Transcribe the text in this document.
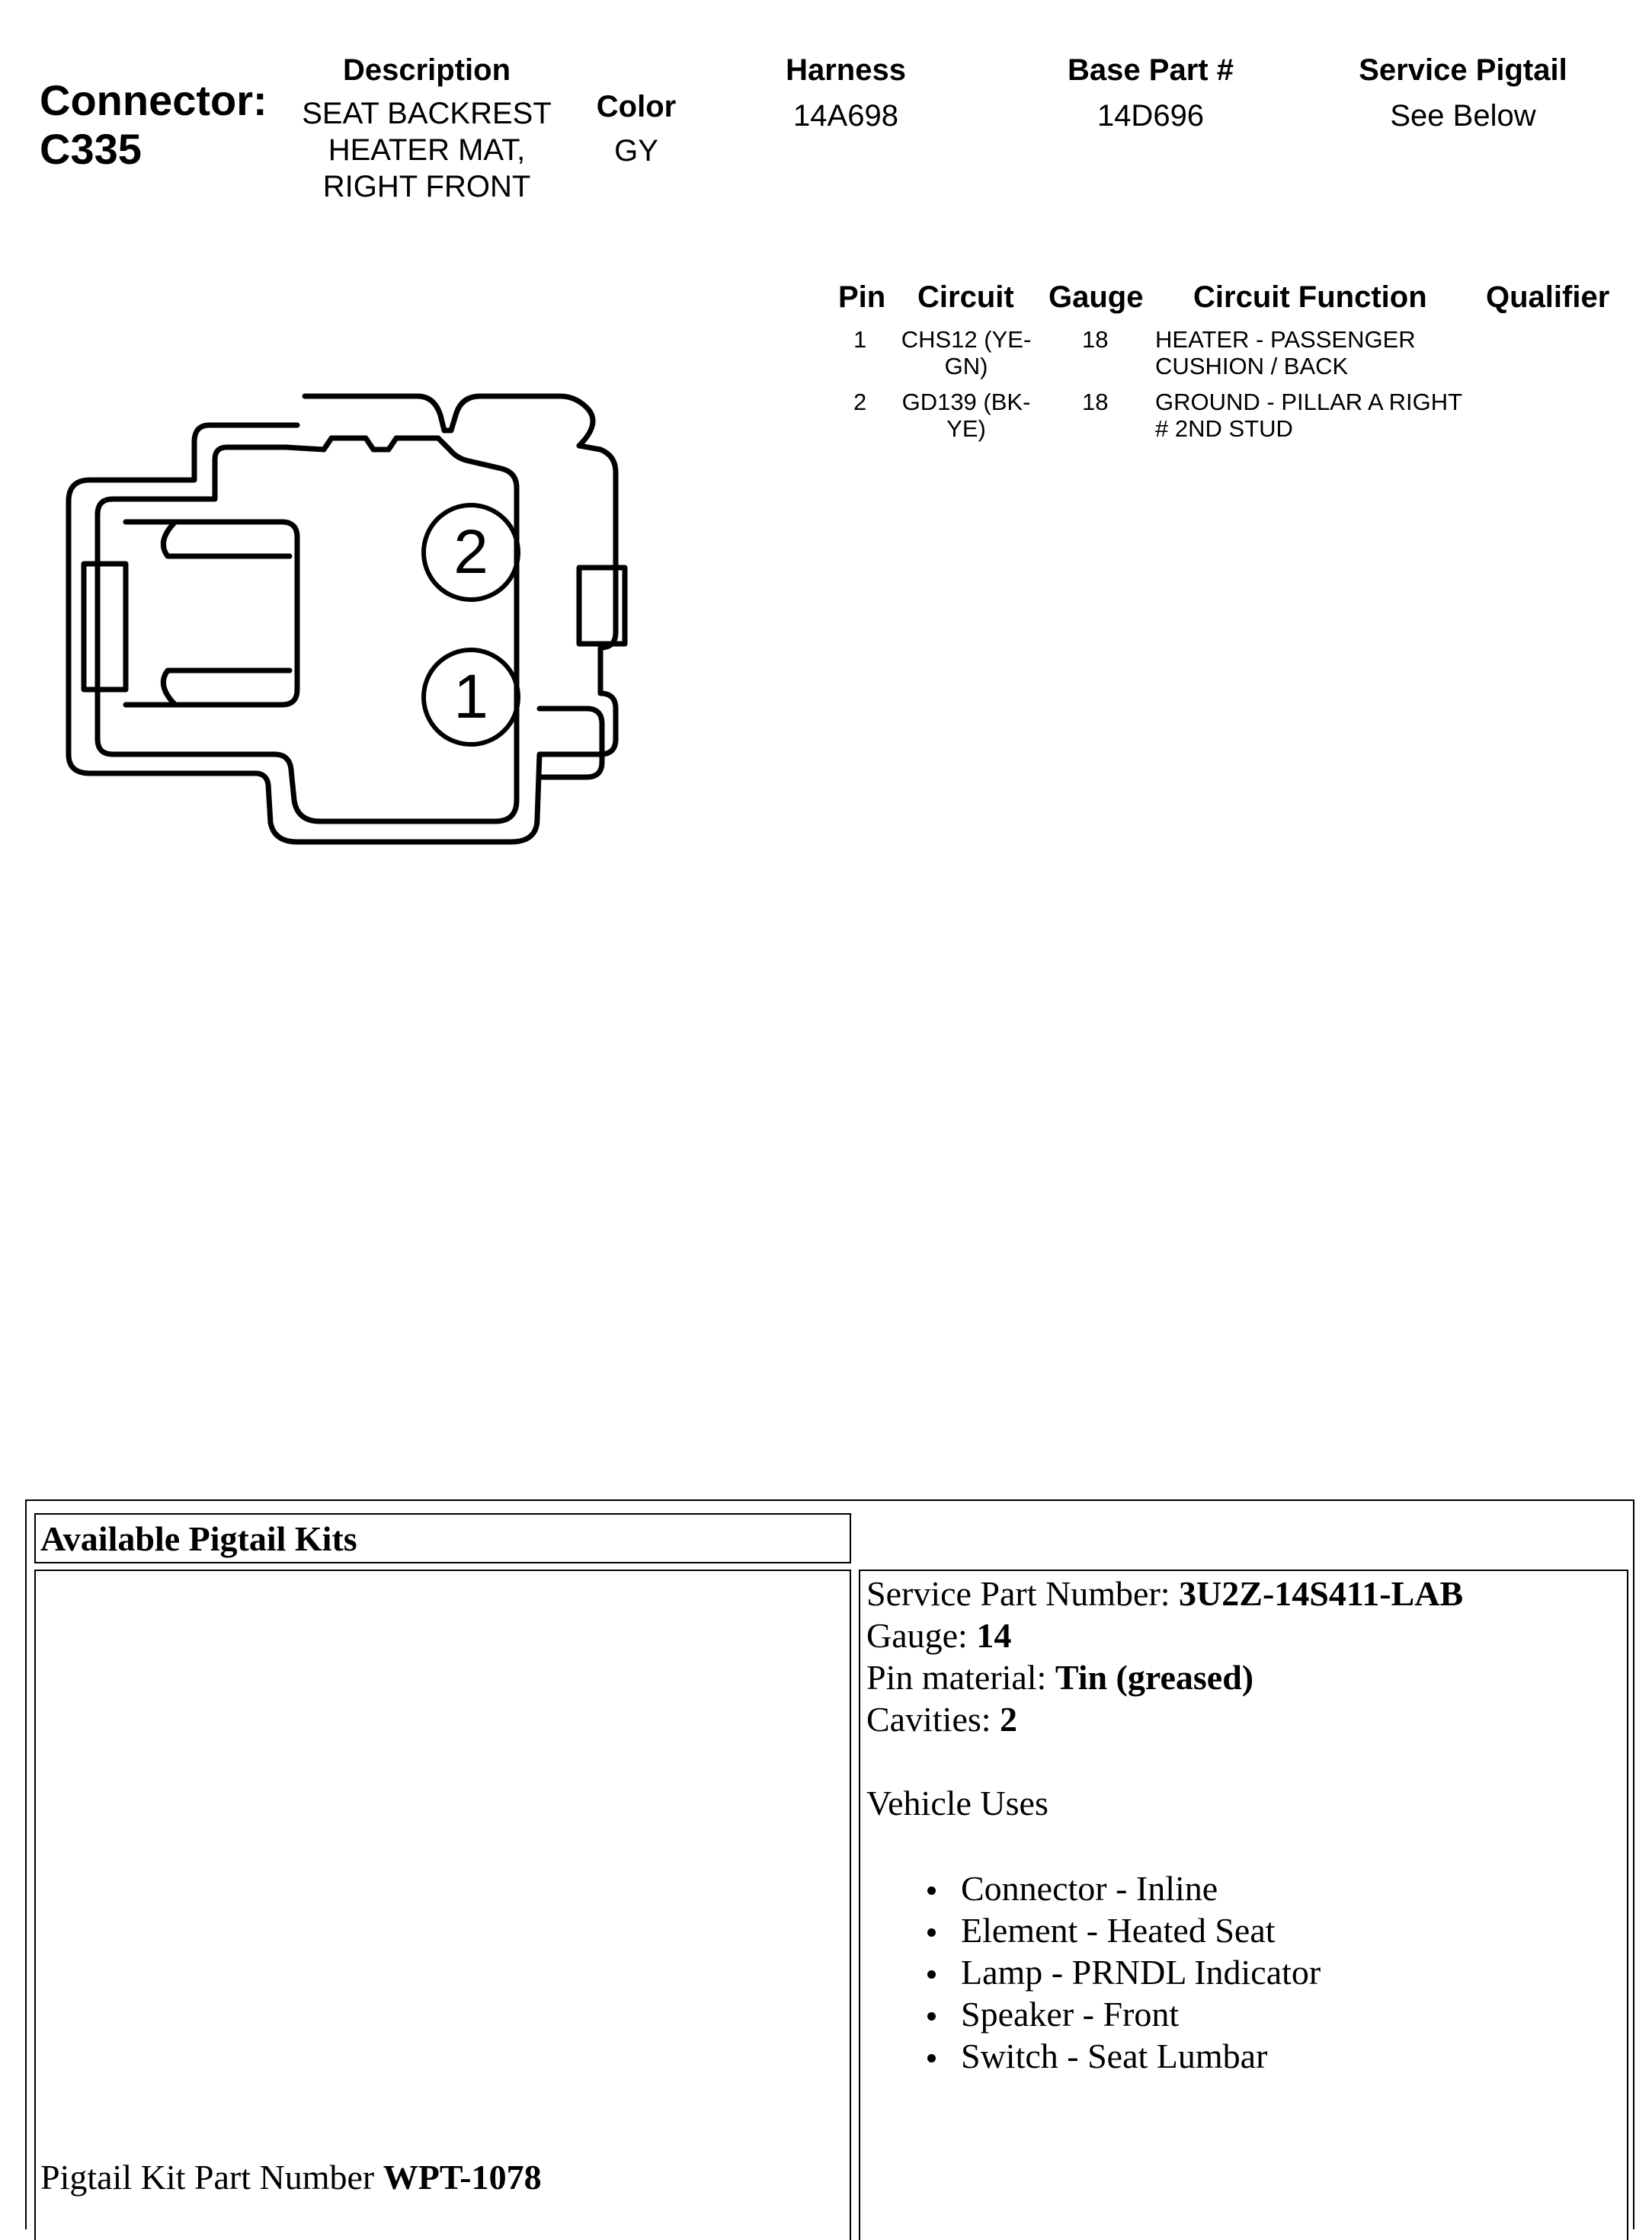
Connector:
C335
Description
SEAT BACKREST HEATER MAT, RIGHT FRONT
Color
GY
Harness
14A698
Base Part #
14D696
Service Pigtail
See Below
Pin Circuit Gauge Circuit Function Qualifier
1 CHS12 (YE-GN)
18 HEATER - PASSENGER CUSHION / BACK
2 GD139 (BK-YE)
18 GROUND - PILLAR A RIGHT # 2ND STUD
2
1
Available Pigtail Kits
Pigtail Kit Part Number WPT-1078
Service Part Number: 3U2Z-14S411-LAB
Gauge: 14
Pin material: Tin (greased)
Cavities: 2
Vehicle Uses
Connector - Inline
Element - Heated Seat
Lamp - PRNDL Indicator
Speaker - Front
Switch - Seat Lumbar
